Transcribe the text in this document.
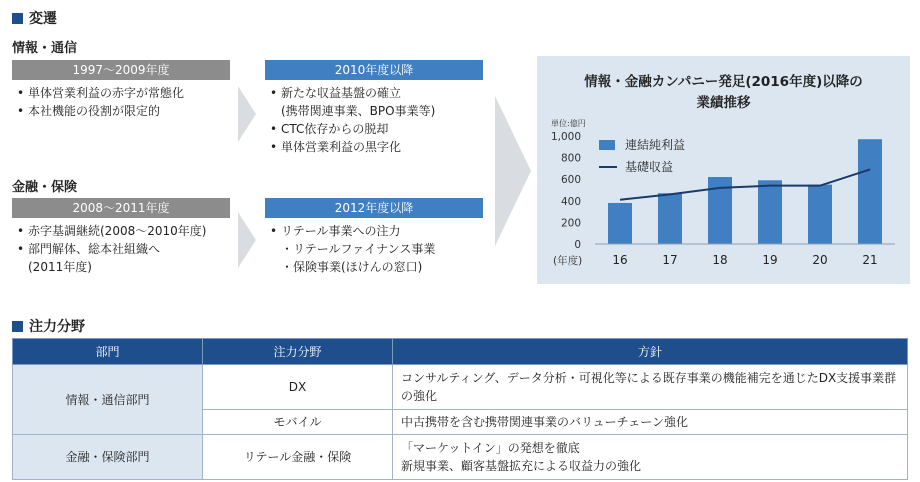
変遷
情報・通信
1997〜2009年度
• 単体営業利益の赤字が常態化
• 本社機能の役割が限定的
2010年度以降
• 新たな収益基盤の確立
(携帯関連事業、BPO事業等)
• CTC依存からの脱却
• 単体営業利益の黒字化
金融・保険
2008〜2011年度
• 赤字基調継続(2008〜2010年度)
• 部門解体、総本社組織へ
(2011年度)
2012年度以降
• リテール事業への注力
・リテールファイナンス事業
・保険事業(ほけんの窓口)
情報・金融カンパニー発足(2016年度)以降の
業績推移
単位:億円
(年度)
連結純利益
基礎収益
1,000
800
600
400
200
0
16	17	18	19	20	21
注力分野
部門	注力分野	方針
情報・通信部門	DX	コンサルティング、データ分析・可視化等による既存事業の機能補完を通じたDX支援事業群の強化
	モバイル	中古携帯を含む携帯関連事業のバリューチェーン強化
金融・保険部門	リテール金融・保険	「マーケットイン」の発想を徹底
新規事業、顧客基盤拡充による収益力の強化
